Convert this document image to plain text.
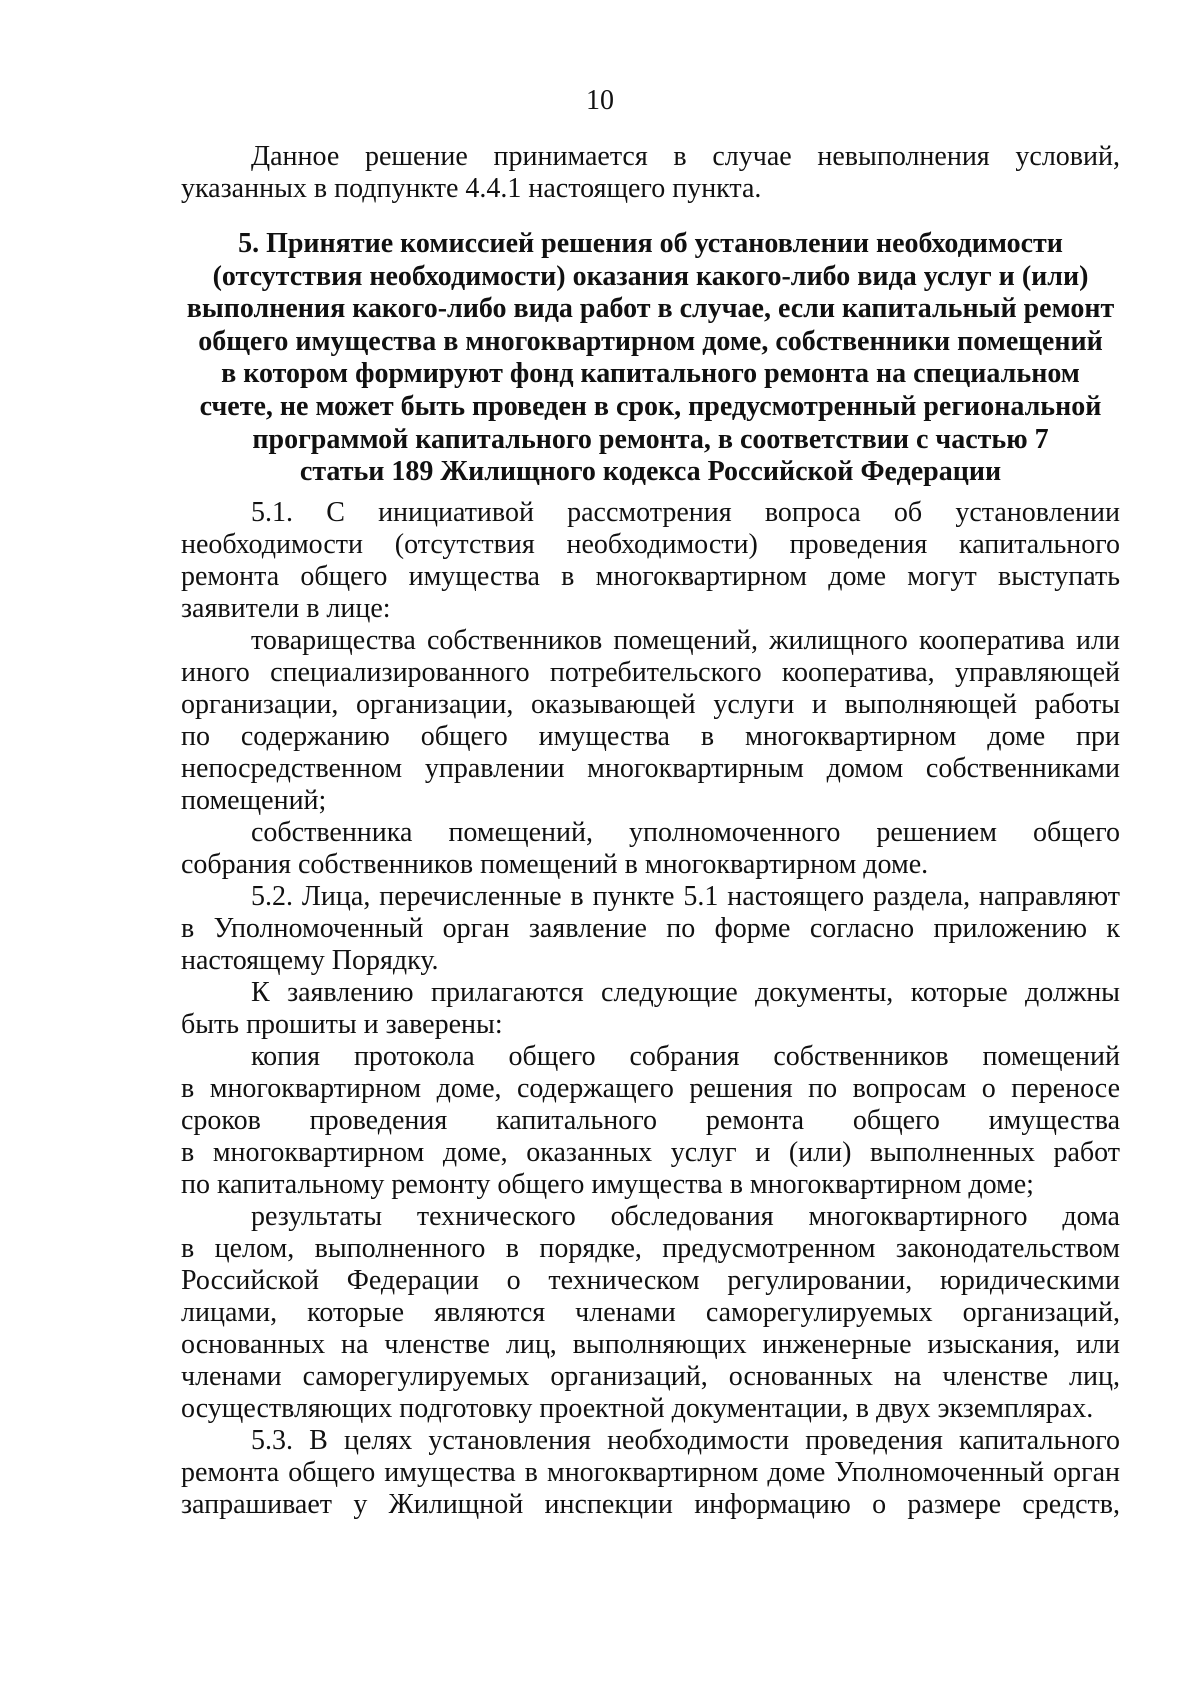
10
Данное решение принимается в случае невыполнения условий,
указанных в подпункте 4.4.1 настоящего пункта.
5. Принятие комиссией решения об установлении необходимости
(отсутствия необходимости) оказания какого-либо вида услуг и (или)
выполнения какого-либо вида работ в случае, если капитальный ремонт
общего имущества в многоквартирном доме, собственники помещений
в котором формируют фонд капитального ремонта на специальном
счете, не может быть проведен в срок, предусмотренный региональной
программой капитального ремонта, в соответствии с частью 7
статьи 189 Жилищного кодекса Российской Федерации
5.1. С инициативой рассмотрения вопроса об установлении
необходимости (отсутствия необходимости) проведения капитального
ремонта общего имущества в многоквартирном доме могут выступать
заявители в лице:
товарищества собственников помещений, жилищного кооператива или
иного специализированного потребительского кооператива, управляющей
организации, организации, оказывающей услуги и выполняющей работы
по содержанию общего имущества в многоквартирном доме при
непосредственном управлении многоквартирным домом собственниками
помещений;
собственника помещений, уполномоченного решением общего
собрания собственников помещений в многоквартирном доме.
5.2. Лица, перечисленные в пункте 5.1 настоящего раздела, направляют
в Уполномоченный орган заявление по форме согласно приложению к
настоящему Порядку.
К заявлению прилагаются следующие документы, которые должны
быть прошиты и заверены:
копия протокола общего собрания собственников помещений
в многоквартирном доме, содержащего решения по вопросам о переносе
сроков проведения капитального ремонта общего имущества
в многоквартирном доме, оказанных услуг и (или) выполненных работ
по капитальному ремонту общего имущества в многоквартирном доме;
результаты технического обследования многоквартирного дома
в целом, выполненного в порядке, предусмотренном законодательством
Российской Федерации о техническом регулировании, юридическими
лицами, которые являются членами саморегулируемых организаций,
основанных на членстве лиц, выполняющих инженерные изыскания, или
членами саморегулируемых организаций, основанных на членстве лиц,
осуществляющих подготовку проектной документации, в двух экземплярах.
5.3. В целях установления необходимости проведения капитального
ремонта общего имущества в многоквартирном доме Уполномоченный орган
запрашивает у Жилищной инспекции информацию о размере средств,
